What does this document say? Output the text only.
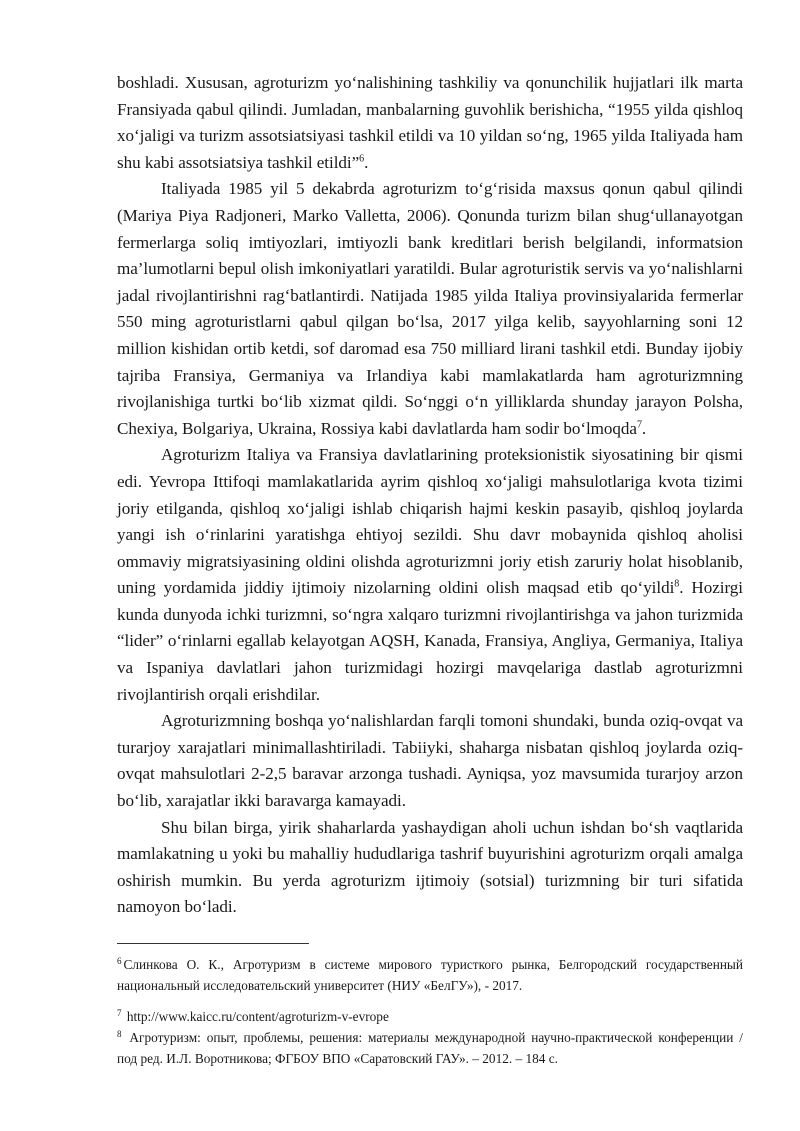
boshladi. Xususan, agroturizm yo‘nalishining tashkiliy va qonunchilik hujjatlari ilk marta Fransiyada qabul qilindi. Jumladan, manbalarning guvohlik berishicha, “1955 yilda qishloq xo‘jaligi va turizm assotsiatsiyasi tashkil etildi va 10 yildan so‘ng, 1965 yilda Italiyada ham shu kabi assotsiatsiya tashkil etildi”$^6$.

Italiyada 1985 yil 5 dekabrda agroturizm to‘g‘risida maxsus qonun qabul qilindi (Mariya Piya Radjoneri, Marko Valletta, 2006). Qonunda turizm bilan shug‘ullanayotgan fermerlarga soliq imtiyozlari, imtiyozli bank kreditlari berish belgilandi, informatsion ma’lumotlarni bepul olish imkoniyatlari yaratildi. Bular agroturistik servis va yo‘nalishlarni jadal rivojlantirishni rag‘batlantirdi. Natijada 1985 yilda Italiya provinsiyalarida fermerlar 550 ming agroturistlarni qabul qilgan bo‘lsa, 2017 yilga kelib, sayyohlarning soni 12 million kishidan ortib ketdi, sof daromad esa 750 milliard lirani tashkil etdi. Bunday ijobiy tajriba Fransiya, Germaniya va Irlandiya kabi mamlakatlarda ham agroturizmning rivojlanishiga turtki bo‘lib xizmat qildi. So‘nggi o‘n yilliklarda shunday jarayon Polsha, Chexiya, Bolgariya, Ukraina, Rossiya kabi davlatlarda ham sodir bo‘lmoqda$^7$.

Agroturizm Italiya va Fransiya davlatlarining proteksionistik siyosatining bir qismi edi. Yevropa Ittifoqi mamlakatlarida ayrim qishloq xo‘jaligi mahsulotlariga kvota tizimi joriy etilganda, qishloq xo‘jaligi ishlab chiqarish hajmi keskin pasayib, qishloq joylarda yangi ish o‘rinlarini yaratishga ehtiyoj sezildi. Shu davr mobaynida qishloq aholisi ommaviy migratsiyasining oldini olishda agroturizmni joriy etish zaruriy holat hisoblanib, uning yordamida jiddiy ijtimoiy nizolarning oldini olish maqsad etib qo‘yildi$^8$. Hozirgi kunda dunyoda ichki turizmni, so‘ngra xalqaro turizmni rivojlantirishga va jahon turizmida “lider” o‘rinlarni egallab kelayotgan AQSH, Kanada, Fransiya, Angliya, Germaniya, Italiya va Ispaniya davlatlari jahon turizmidagi hozirgi mavqelariga dastlab agroturizmni rivojlantirish orqali erishdilar.

Agroturizmning boshqa yo‘nalishlardan farqli tomoni shundaki, bunda oziq-ovqat va turarjoy xarajatlari minimallashtiriladi. Tabiiyki, shaharga nisbatan qishloq joylarda oziq-ovqat mahsulotlari 2-2,5 baravar arzonga tushadi. Ayniqsa, yoz mavsumida turarjoy arzon bo‘lib, xarajatlar ikki baravarga kamayadi.

Shu bilan birga, yirik shaharlarda yashaydigan aholi uchun ishdan bo‘sh vaqtlarida mamlakatning u yoki bu mahalliy hududlariga tashrif buyurishini agroturizm orqali amalga oshirish mumkin. Bu yerda agroturizm ijtimoiy (sotsial) turizmning bir turi sifatida namoyon bo‘ladi.

$^6$ Слинкова О. К., Агротуризм в системе мирового туристкого рынка, Белгородский государственный национальный исследовательский университет (НИУ «БелГУ»), - 2017.

$^7$ http://www.kaicc.ru/content/agroturizm-v-evrope

$^8$ Агротуризм: опыт, проблемы, решения: материалы международной научно-практической конференции / под ред. И.Л. Воротникова; ФГБОУ ВПО «Саратовский ГАУ». – 2012. – 184 с.
